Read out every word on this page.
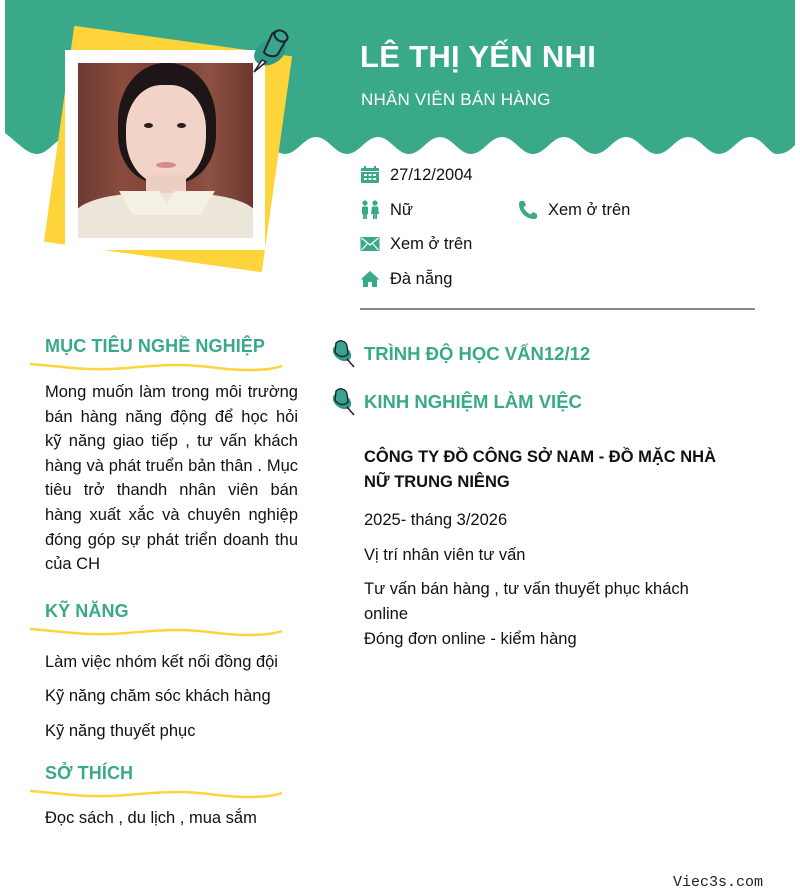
LÊ THỊ YẾN NHI
NHÂN VIÊN BÁN HÀNG
27/12/2004
Nữ	Xem ở trên
Xem ở trên
Đà nẵng
MỤC TIÊU NGHỀ NGHIỆP
Mong muốn làm trong môi trường bán hàng năng động để học hỏi kỹ năng giao tiếp , tư vấn khách hàng và phát truển bản thân . Mục tiêu trở thandh nhân viên bán hàng xuất xắc và chuyên nghiệp đóng góp sự phát triển doanh thu của CH
KỸ NĂNG
Làm việc nhóm kết nối đồng đội
Kỹ năng chăm sóc khách hàng
Kỹ năng thuyết phục
SỞ THÍCH
Đọc sách , du lịch , mua sắm
TRÌNH ĐỘ HỌC VẤN12/12
KINH NGHIỆM LÀM VIỆC
CÔNG TY ĐỒ CÔNG SỞ NAM - ĐỒ MẶC NHÀ NỮ TRUNG NIÊNG
2025- tháng 3/2026
Vị trí nhân viên tư vấn
Tư vấn bán hàng , tư vấn thuyết phục khách online
Đóng đơn online - kiểm hàng
Viec3s.com
